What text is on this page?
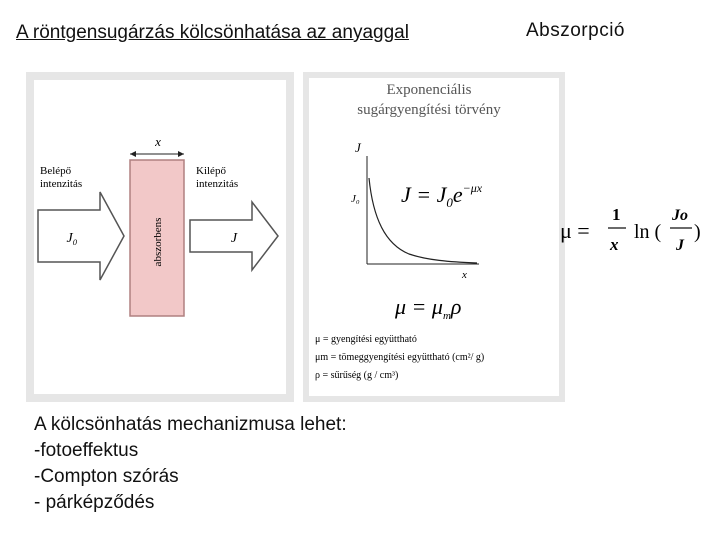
A röntgensugárzás kölcsönhatása az anyaggal	Abszorpció
x
abszorbens
Belépő
intenzitás
Kilépő
intenzitás
J₀	J
Exponenciális
sugárgyengítési törvény
J
x
J₀ $J = J_0e^{-\mu x}$
$\mu = \mu_m\rho$
μ = gyengítési együttható
μm = tömeggyengítési együttható (cm²/ g)
ρ = sűrűség (g / cm³)
μ =
1
x
ln (
Jo
J
)
A kölcsönhatás mechanizmusa lehet:
-fotoeffektus
-Compton szórás
- párképződés
